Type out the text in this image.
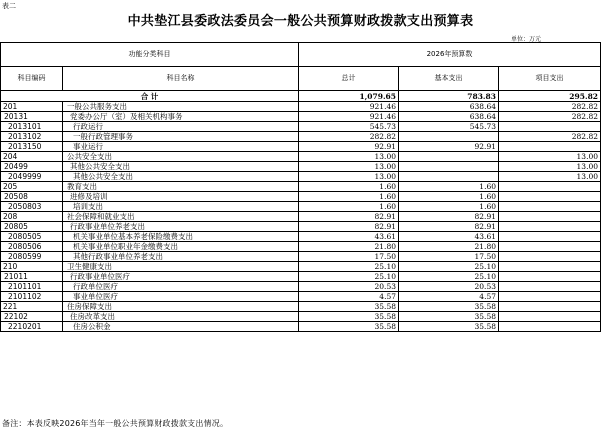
表二
中共垫江县委政法委员会一般公共预算财政拨款支出预算表
单位：万元
功能分类科目		2026年预算数		
科目编码	科目名称	总计	基本支出	项目支出
合 计		1,079.65	783.83	295.82
201	一般公共服务支出	921.46	638.64	282.82
20131	党委办公厅（室）及相关机构事务	921.46	638.64	282.82
2013101	行政运行	545.73	545.73	
2013102	一般行政管理事务	282.82		282.82
2013150	事业运行	92.91	92.91	
204	公共安全支出	13.00		13.00
20499	其他公共安全支出	13.00		13.00
2049999	其他公共安全支出	13.00		13.00
205	教育支出	1.60	1.60	
20508	进修及培训	1.60	1.60	
2050803	培训支出	1.60	1.60	
208	社会保障和就业支出	82.91	82.91	
20805	行政事业单位养老支出	82.91	82.91	
2080505	机关事业单位基本养老保险缴费支出	43.61	43.61	
2080506	机关事业单位职业年金缴费支出	21.80	21.80	
2080599	其他行政事业单位养老支出	17.50	17.50	
210	卫生健康支出	25.10	25.10	
21011	行政事业单位医疗	25.10	25.10	
2101101	行政单位医疗	20.53	20.53	
2101102	事业单位医疗	4.57	4.57	
221	住房保障支出	35.58	35.58	
22102	住房改革支出	35.58	35.58	
2210201	住房公积金	35.58	35.58	
备注：本表反映2026年当年一般公共预算财政拨款支出情况。
